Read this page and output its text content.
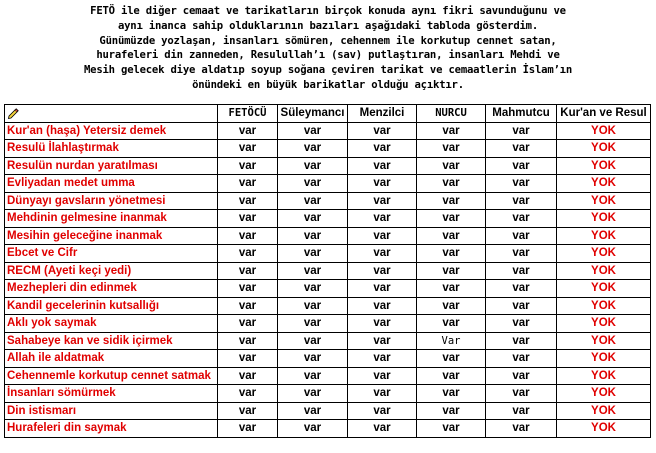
FETÖ ile diğer cemaat ve tarikatların birçok konuda aynı fikri savunduğunu ve
aynı inanca sahip olduklarının bazıları aşağıdaki tabloda gösterdim.
Günümüzde yozlaşan, insanları sömüren, cehennem ile korkutup cennet satan,
hurafeleri din zanneden, Resulullah’ı (sav) putlaştıran, insanları Mehdi ve
Mesih gelecek diye aldatıp soyup soğana çeviren tarikat ve cemaatlerin İslam’ın
önündeki en büyük barikatlar olduğu açıktır.
	FETÖCÜ	Süleymancı	Menzilci	NURCU	Mahmutcu	Kur'an ve Resul
Kur'an (haşa) Yetersiz demek	var	var	var	var	var	YOK
Resulü İlahlaştırmak	var	var	var	var	var	YOK
Resulün nurdan yaratılması	var	var	var	var	var	YOK
Evliyadan medet umma	var	var	var	var	var	YOK
Dünyayı gavsların yönetmesi	var	var	var	var	var	YOK
Mehdinin gelmesine inanmak	var	var	var	var	var	YOK
Mesihin geleceğine inanmak	var	var	var	var	var	YOK
Ebcet ve Cifr	var	var	var	var	var	YOK
RECM (Ayeti keçi yedi)	var	var	var	var	var	YOK
Mezhepleri din edinmek	var	var	var	var	var	YOK
Kandil gecelerinin kutsallığı	var	var	var	var	var	YOK
Aklı yok saymak	var	var	var	var	var	YOK
Sahabeye kan ve sidik içirmek	var	var	var	Var	var	YOK
Allah ile aldatmak	var	var	var	var	var	YOK
Cehennemle korkutup cennet satmak	var	var	var	var	var	YOK
İnsanları sömürmek	var	var	var	var	var	YOK
Din istismarı	var	var	var	var	var	YOK
Hurafeleri din saymak	var	var	var	var	var	YOK
